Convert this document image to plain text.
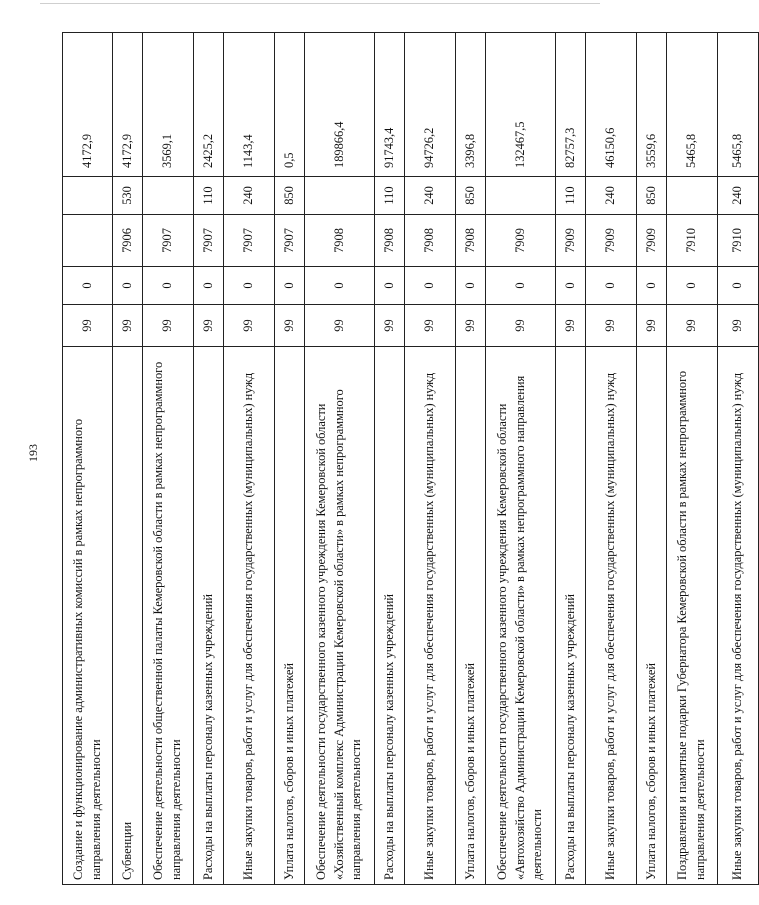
193	Создание и функционирование административных комиссий в рамках непрограммного направления деятельности	99	0			4172,9
Субвенции	99	0	7906	530	4172,9
Обеспечение деятельности общественной палаты Кемеровской области в рамках непрограммного направления деятельности	99	0	7907		3569,1
Расходы на выплаты персоналу казенных учреждений	99	0	7907	110	2425,2
Иные закупки товаров, работ и услуг для обеспечения государственных (муниципальных) нужд	99	0	7907	240	1143,4
Уплата налогов, сборов и иных платежей	99	0	7907	850	0,5
Обеспечение деятельности государственного казенного учреждения Кемеровской области «Хозяйственный комплекс Администрации Кемеровской области» в рамках непрограммного направления деятельности	99	0	7908		189866,4
Расходы на выплаты персоналу казенных учреждений	99	0	7908	110	91743,4
Иные закупки товаров, работ и услуг для обеспечения государственных (муниципальных) нужд	99	0	7908	240	94726,2
Уплата налогов, сборов и иных платежей	99	0	7908	850	3396,8
Обеспечение деятельности государственного казенного учреждения Кемеровской области «Автохозяйство Администрации Кемеровской области» в рамках непрограммного направления деятельности	99	0	7909		132467,5
Расходы на выплаты персоналу казенных учреждений	99	0	7909	110	82757,3
Иные закупки товаров, работ и услуг для обеспечения государственных (муниципальных) нужд	99	0	7909	240	46150,6
Уплата налогов, сборов и иных платежей	99	0	7909	850	3559,6
Поздравления и памятные подарки Губернатора Кемеровской области в рамках непрограммного направления деятельности	99	0	7910		5465,8
Иные закупки товаров, работ и услуг для обеспечения государственных (муниципальных) нужд	99	0	7910	240	5465,8
